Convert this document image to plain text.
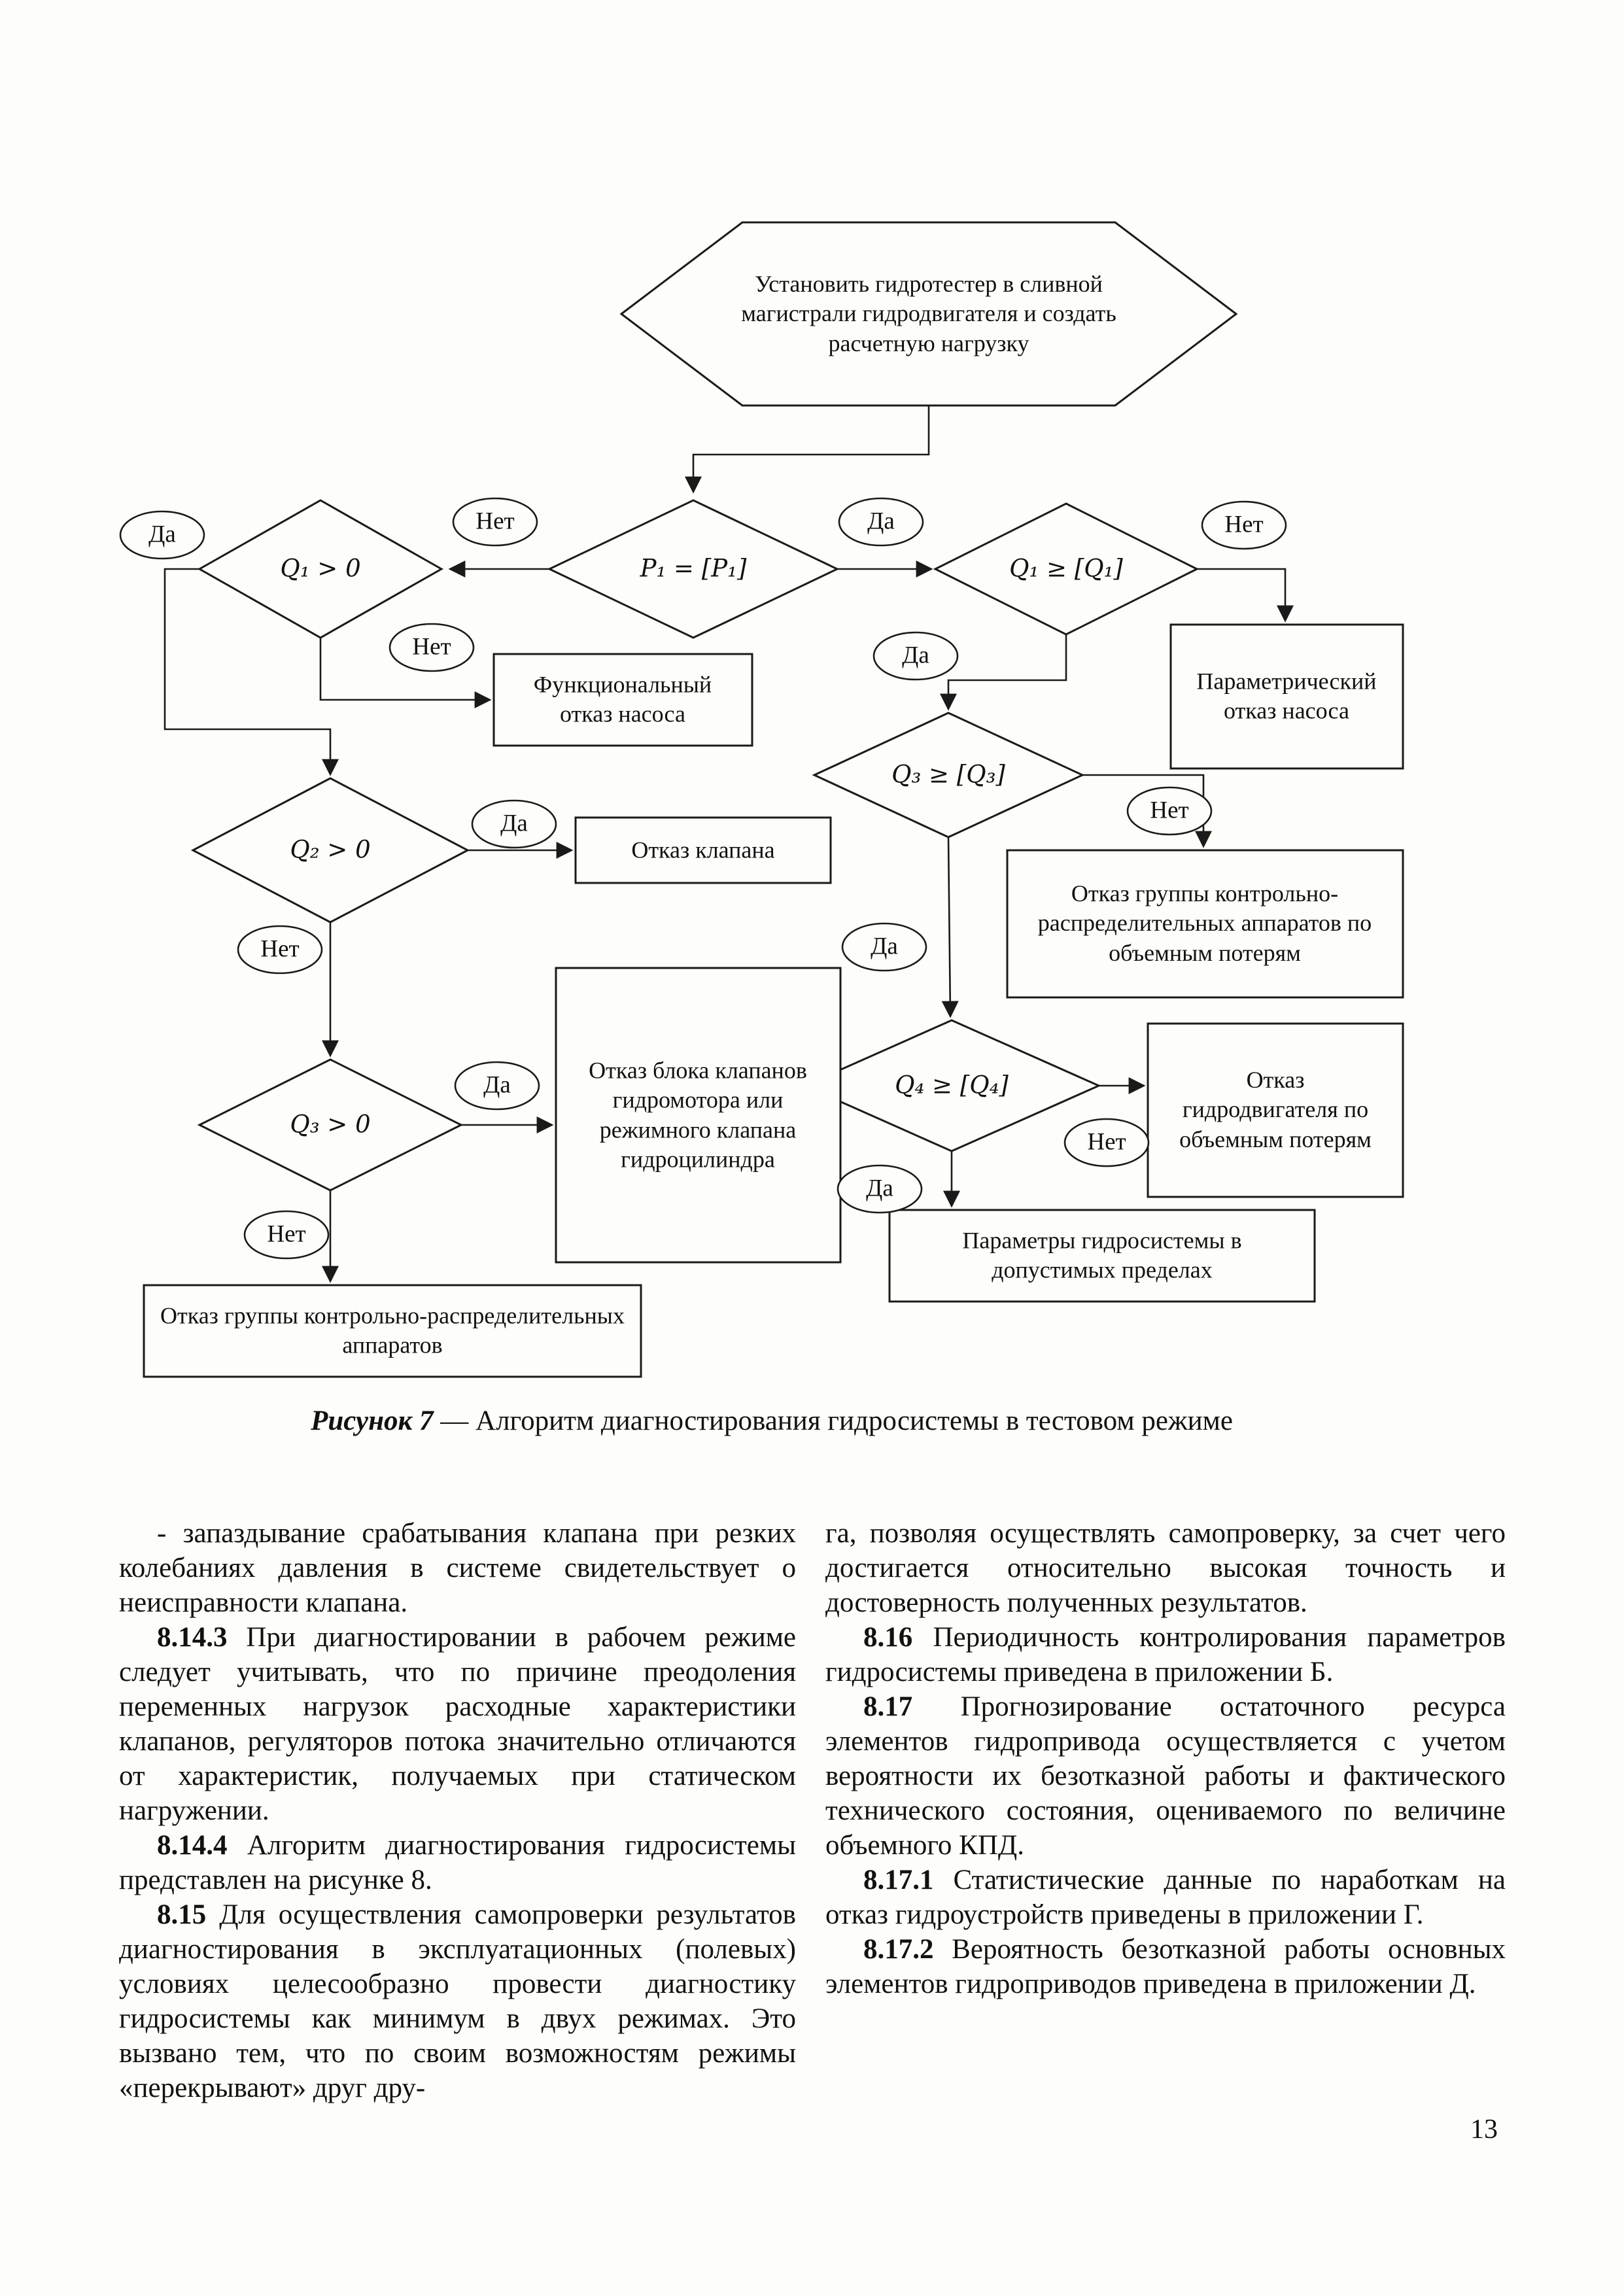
Установить гидротестер в сливной магистрали гидродвигателя и создать расчетную нагрузку
Q₁ > 0	P₁ = [P₁]	Q₁ ≥ [Q₁]
Q₃ ≥ [Q₃]
Q₂ > 0
Q₃ > 0
Q₄ ≥ [Q₄]
Функциональный отказ насоса
Отказ клапана
Отказ блока клапанов гидромотора или режимного клапана гидроцилиндра
Отказ группы контрольно-распределительных аппаратов
Параметрический отказ насоса
Отказ группы контрольно-распределительных аппаратов по объемным потерям
Отказ гидродвигателя по объемным потерям
Параметры гидросистемы в допустимых пределах
Да	Нет	Да	Нет
Нет	Да
Да	Нет
Нет
Да
Да
Нет
Нет
Да
Рисунок 7 — Алгоритм диагностирования гидросистемы в тестовом режиме

- запаздывание срабатывания клапана при резких колебаниях давления в системе свидетельствует о неисправности клапана.

8.14.3 При диагностировании в рабочем режиме следует учитывать, что по причине преодоления переменных нагрузок расходные характеристики клапанов, регуляторов потока значительно отличаются от характеристик, получаемых при статическом нагружении.

8.14.4 Алгоритм диагностирования гидросистемы представлен на рисунке 8.

8.15 Для осуществления самопроверки результатов диагностирования в эксплуатационных (полевых) условиях целесообразно провести диагностику гидросистемы как минимум в двух режимах. Это вызвано тем, что по своим возможностям режимы «перекрывают» друг дру-

га, позволяя осуществлять самопроверку, за счет чего достигается относительно высокая точность и достоверность полученных результатов.

8.16 Периодичность контролирования параметров гидросистемы приведена в приложении Б.

8.17 Прогнозирование остаточного ресурса элементов гидропривода осуществляется с учетом вероятности их безотказной работы и фактического технического состояния, оцениваемого по величине объемного КПД.

8.17.1 Статистические данные по наработкам на отказ гидроустройств приведены в приложении Г.

8.17.2 Вероятность безотказной работы основных элементов гидроприводов приведена в приложении Д.

13
